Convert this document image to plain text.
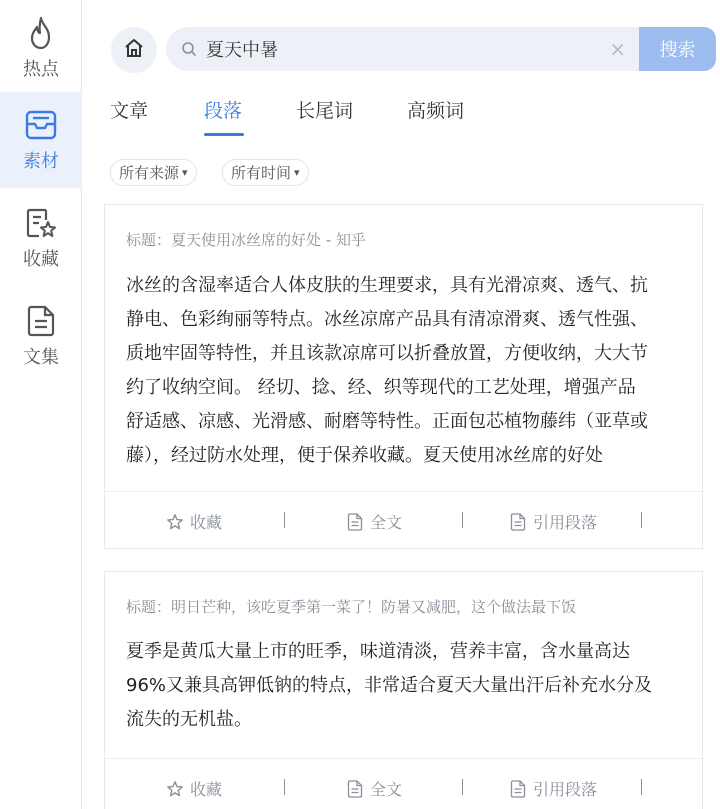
热点
素材
收藏
文集
夏天中暑
×	搜索
文章	段落	长尾词	高频词
所有来源 ▾	所有时间 ▾
标题：夏天使用冰丝席的好处 - 知乎
冰丝的含湿率适合人体皮肤的生理要求，具有光滑凉爽、透气、抗
静电、色彩绚丽等特点。冰丝凉席产品具有清凉滑爽、透气性强、
质地牢固等特性，并且该款凉席可以折叠放置，方便收纳，大大节
约了收纳空间。 经切、捻、经、织等现代的工艺处理，增强产品
舒适感、凉感、光滑感、耐磨等特性。正面包芯植物藤纬（亚草或
藤），经过防水处理，便于保养收藏。夏天使用冰丝席的好处
收藏	全文	引用段落
标题：明日芒种，该吃夏季第一菜了！防暑又减肥，这个做法最下饭
夏季是黄瓜大量上市的旺季，味道清淡，营养丰富，含水量高达
96%又兼具高钾低钠的特点，非常适合夏天大量出汗后补充水分及
流失的无机盐。
收藏	全文	引用段落
